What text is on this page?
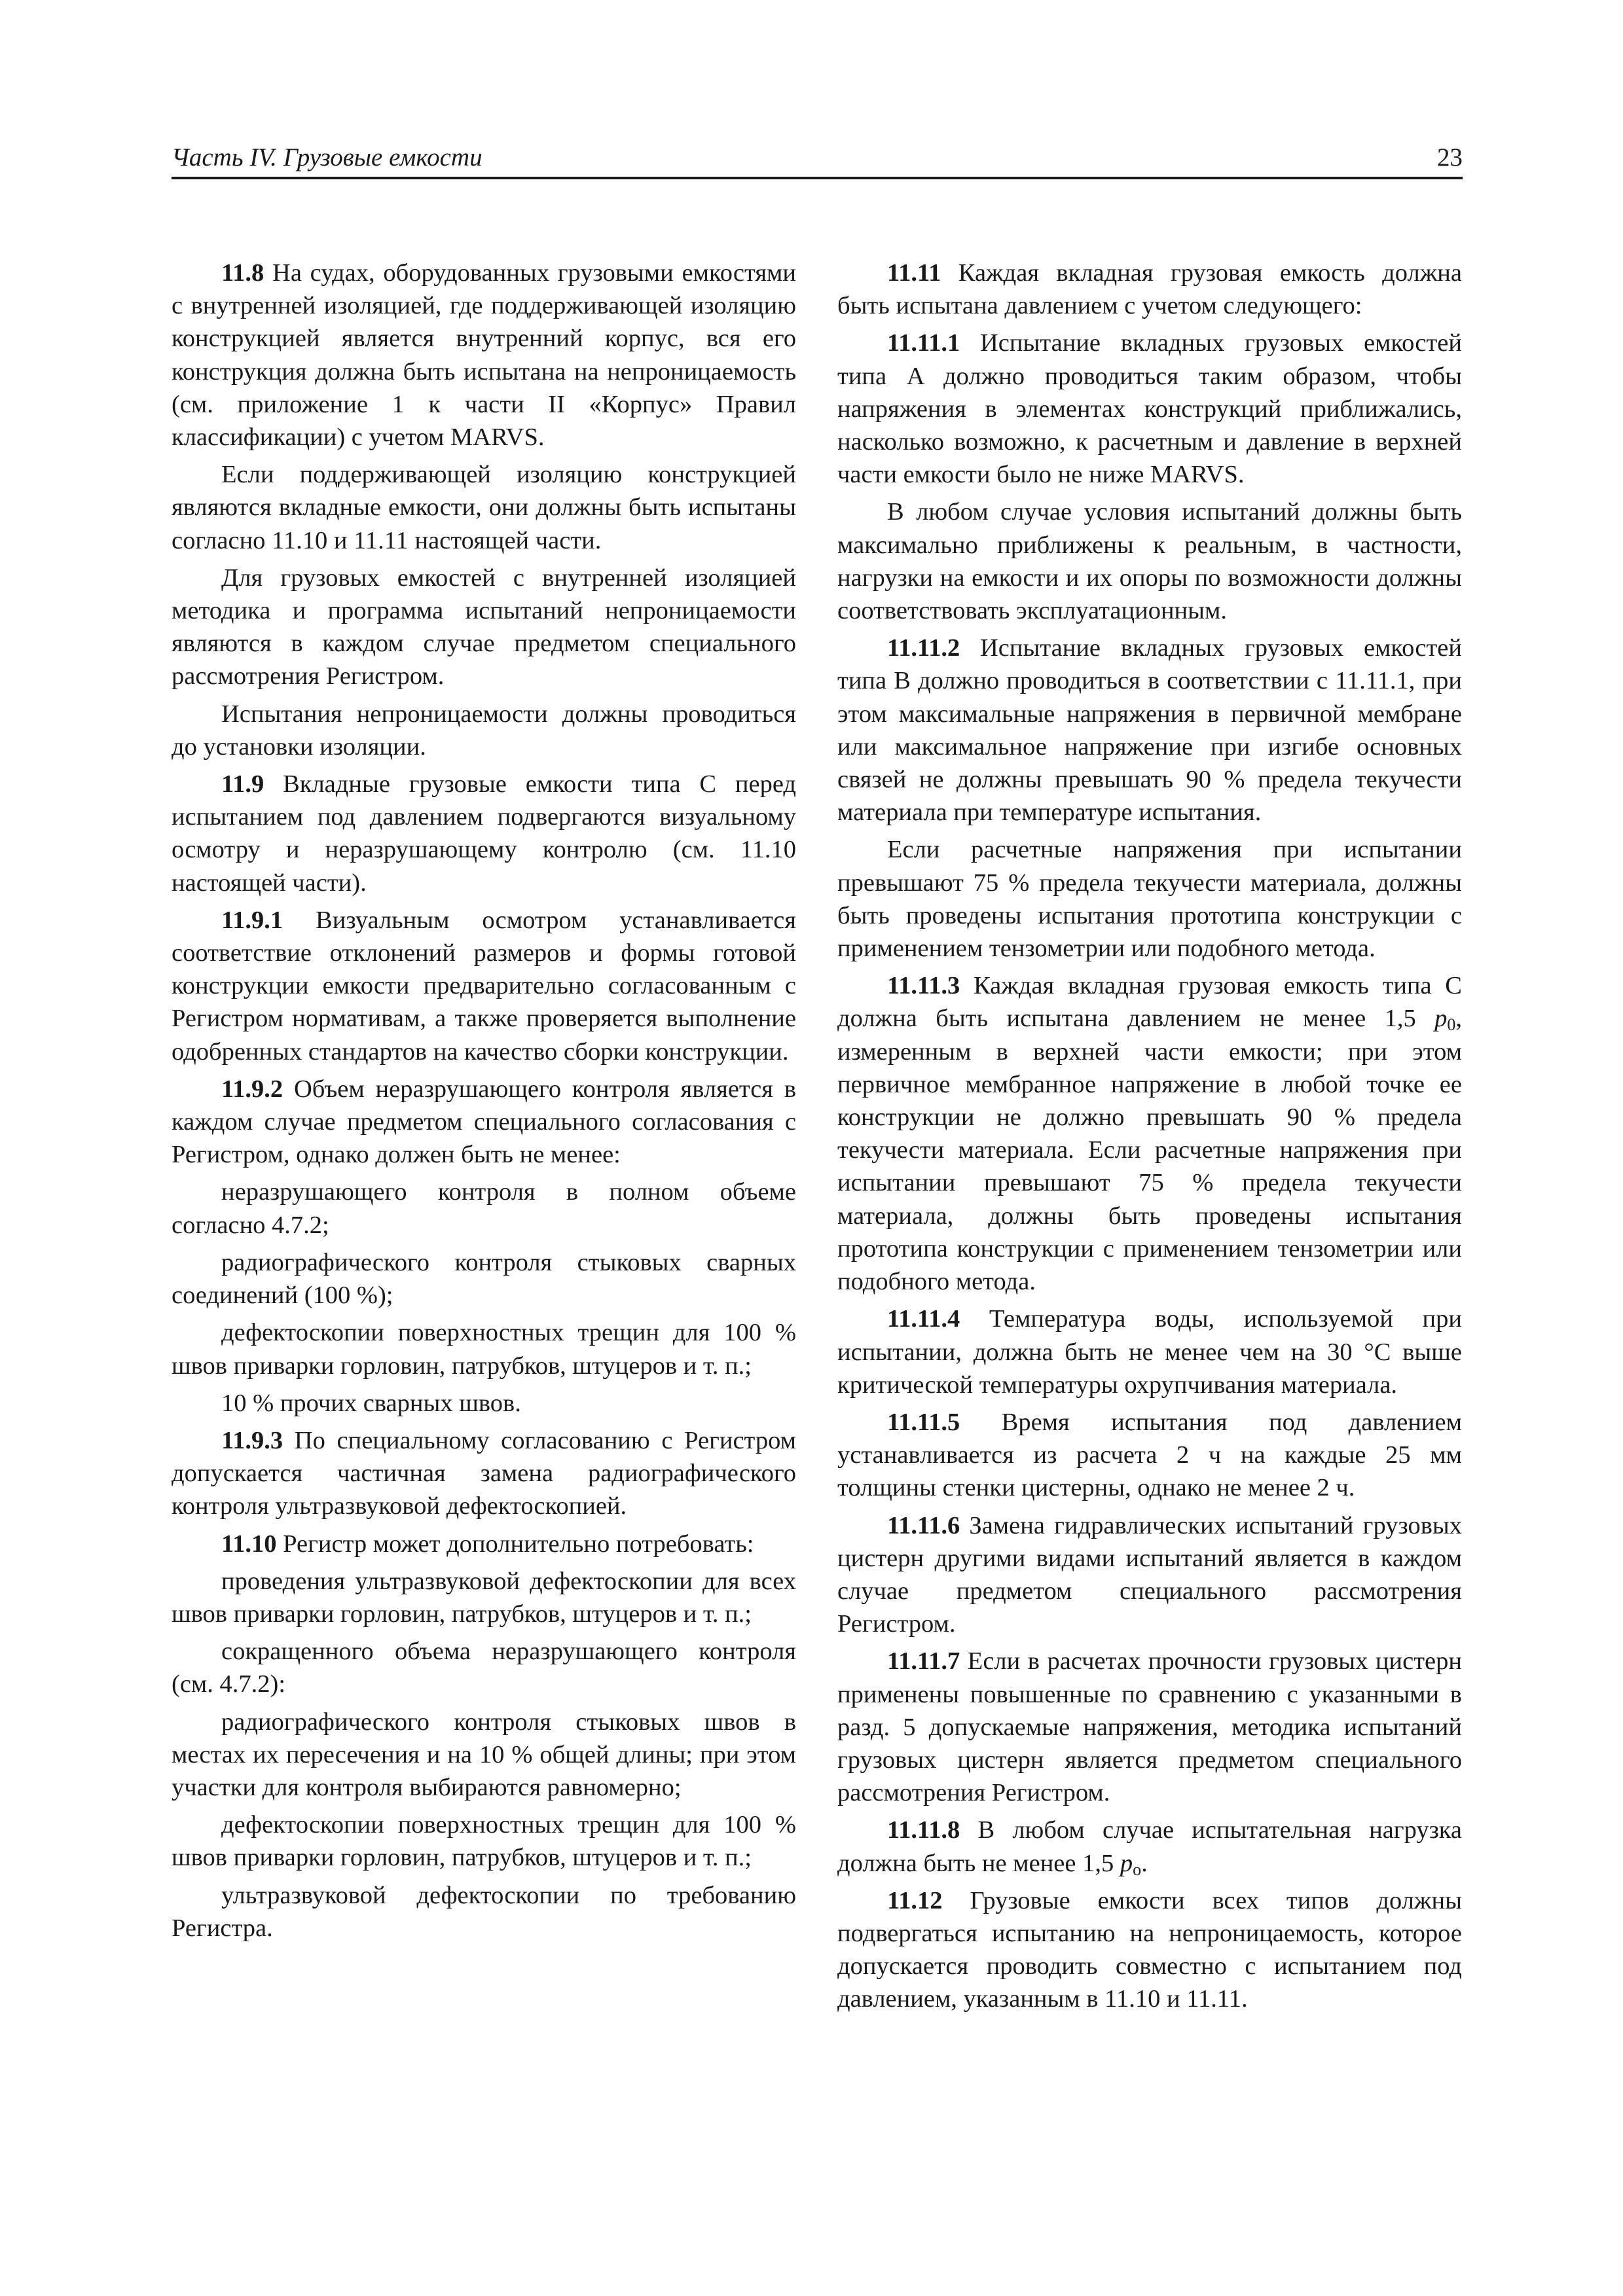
Часть IV. Грузовые емкости	23

11.8 На судах, оборудованных грузовыми емкостями с внутренней изоляцией, где поддерживающей изоляцию конструкцией является внутренний корпус, вся его конструкция должна быть испытана на непроницаемость (см. приложение 1 к части II «Корпус» Правил классификации) с учетом MARVS.

Если поддерживающей изоляцию конструкцией являются вкладные емкости, они должны быть испытаны согласно 11.10 и 11.11 настоящей части.

Для грузовых емкостей с внутренней изоляцией методика и программа испытаний непроницаемости являются в каждом случае предметом специального рассмотрения Регистром.

Испытания непроницаемости должны проводиться до установки изоляции.

11.9 Вкладные грузовые емкости типа C перед испытанием под давлением подвергаются визуальному осмотру и неразрушающему контролю (см. 11.10 настоящей части).

11.9.1 Визуальным осмотром устанавливается соответствие отклонений размеров и формы готовой конструкции емкости предварительно согласованным с Регистром нормативам, а также проверяется выполнение одобренных стандартов на качество сборки конструкции.

11.9.2 Объем неразрушающего контроля является в каждом случае предметом специального согласования с Регистром, однако должен быть не менее:

неразрушающего контроля в полном объеме согласно 4.7.2;

радиографического контроля стыковых сварных соединений (100 %);

дефектоскопии поверхностных трещин для 100 % швов приварки горловин, патрубков, штуцеров и т. п.;

10 % прочих сварных швов.

11.9.3 По специальному согласованию с Регистром допускается частичная замена радиографического контроля ультразвуковой дефектоскопией.

11.10 Регистр может дополнительно потребовать:

проведения ультразвуковой дефектоскопии для всех швов приварки горловин, патрубков, штуцеров и т. п.;

сокращенного объема неразрушающего контроля (см. 4.7.2):

радиографического контроля стыковых швов в местах их пересечения и на 10 % общей длины; при этом участки для контроля выбираются равномерно;

дефектоскопии поверхностных трещин для 100 % швов приварки горловин, патрубков, штуцеров и т. п.;

ультразвуковой дефектоскопии по требованию Регистра.

11.11 Каждая вкладная грузовая емкость должна быть испытана давлением с учетом следующего:

11.11.1 Испытание вкладных грузовых емкостей типа A должно проводиться таким образом, чтобы напряжения в элементах конструкций приближались, насколько возможно, к расчетным и давление в верхней части емкости было не ниже MARVS.

В любом случае условия испытаний должны быть максимально приближены к реальным, в частности, нагрузки на емкости и их опоры по возможности должны соответствовать эксплуатационным.

11.11.2 Испытание вкладных грузовых емкостей типа B должно проводиться в соответствии с 11.11.1, при этом максимальные напряжения в первичной мембране или максимальное напряжение при изгибе основных связей не должны превышать 90 % предела текучести материала при температуре испытания.

Если расчетные напряжения при испытании превышают 75 % предела текучести материала, должны быть проведены испытания прототипа конструкции с применением тензометрии или подобного метода.

11.11.3 Каждая вкладная грузовая емкость типа C должна быть испытана давлением не менее 1,5 $p_0$, измеренным в верхней части емкости; при этом первичное мембранное напряжение в любой точке ее конструкции не должно превышать 90 % предела текучести материала. Если расчетные напряжения при испытании превышают 75 % предела текучести материала, должны быть проведены испытания прототипа конструкции с применением тензометрии или подобного метода.

11.11.4 Температура воды, используемой при испытании, должна быть не менее чем на 30 °C выше критической температуры охрупчивания материала.

11.11.5 Время испытания под давлением устанавливается из расчета 2 ч на каждые 25 мм толщины стенки цистерны, однако не менее 2 ч.

11.11.6 Замена гидравлических испытаний грузовых цистерн другими видами испытаний является в каждом случае предметом специального рассмотрения Регистром.

11.11.7 Если в расчетах прочности грузовых цистерн применены повышенные по сравнению с указанными в разд. 5 допускаемые напряжения, методика испытаний грузовых цистерн является предметом специального рассмотрения Регистром.

11.11.8 В любом случае испытательная нагрузка должна быть не менее 1,5 $p_o$.

11.12 Грузовые емкости всех типов должны подвергаться испытанию на непроницаемость, которое допускается проводить совместно с испытанием под давлением, указанным в 11.10 и 11.11.
